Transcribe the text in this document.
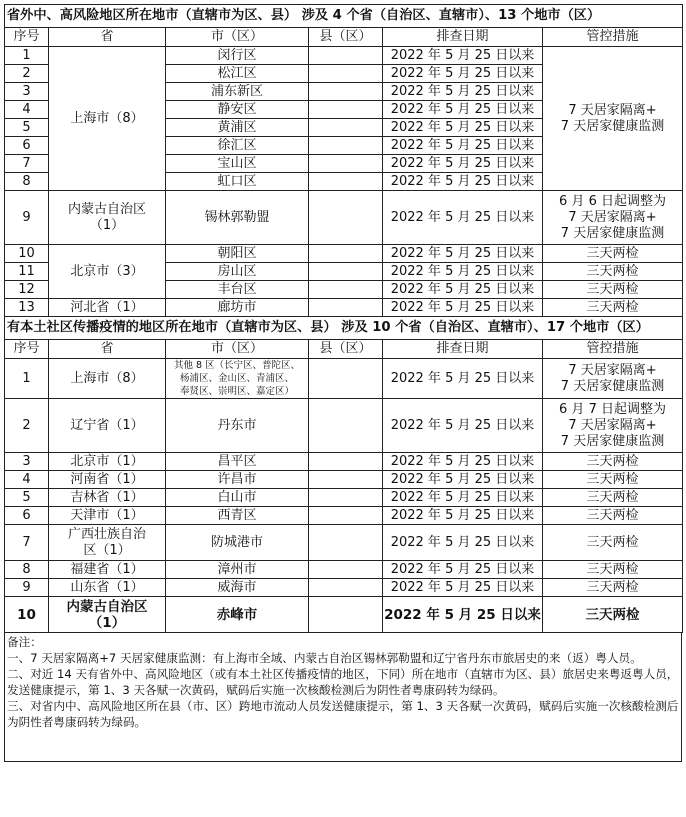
省外中、高风险地区所在地市（直辖市为区、县） 涉及 4 个省（自治区、直辖市）、13 个地市（区）					
序号	省	市（区）	县（区）	排查日期	管控措施
1	上海市（8）	闵行区		2022 年 5 月 25 日以来	7 天居家隔离+
7 天居家健康监测
2		松江区		2022 年 5 月 25 日以来	
3		浦东新区		2022 年 5 月 25 日以来	
4		静安区		2022 年 5 月 25 日以来	
5		黄浦区		2022 年 5 月 25 日以来	
6		徐汇区		2022 年 5 月 25 日以来	
7		宝山区		2022 年 5 月 25 日以来	
8		虹口区		2022 年 5 月 25 日以来	
9	内蒙古自治区
（1）	锡林郭勒盟		2022 年 5 月 25 日以来	6 月 6 日起调整为
7 天居家隔离+
7 天居家健康监测
10	北京市（3）	朝阳区		2022 年 5 月 25 日以来	三天两检
11		房山区		2022 年 5 月 25 日以来	三天两检
12		丰台区		2022 年 5 月 25 日以来	三天两检
13	河北省（1）	廊坊市		2022 年 5 月 25 日以来	三天两检
有本土社区传播疫情的地区所在地市（直辖市为区、县） 涉及 10 个省（自治区、直辖市）、17 个地市（区）					
序号	省	市（区）	县（区）	排查日期	管控措施
1	上海市（8）	其他 8 区（长宁区、普陀区、
杨浦区、金山区、青浦区、
奉贤区、崇明区、嘉定区）		2022 年 5 月 25 日以来	7 天居家隔离+
7 天居家健康监测
2	辽宁省（1）	丹东市		2022 年 5 月 25 日以来	6 月 7 日起调整为
7 天居家隔离+
7 天居家健康监测
3	北京市（1）	昌平区		2022 年 5 月 25 日以来	三天两检
4	河南省（1）	许昌市		2022 年 5 月 25 日以来	三天两检
5	吉林省（1）	白山市		2022 年 5 月 25 日以来	三天两检
6	天津市（1）	西青区		2022 年 5 月 25 日以来	三天两检
7	广西壮族自治
区（1）	防城港市		2022 年 5 月 25 日以来	三天两检
8	福建省（1）	漳州市		2022 年 5 月 25 日以来	三天两检
9	山东省（1）	威海市		2022 年 5 月 25 日以来	三天两检
10	内蒙古自治区
（1）	赤峰市		2022 年 5 月 25 日以来	三天两检
备注：
一、7 天居家隔离+7 天居家健康监测：有上海市全域、内蒙古自治区锡林郭勒盟和辽宁省丹东市旅居史的来（返）粤人员。
二、对近 14 天有省外中、高风险地区（或有本土社区传播疫情的地区，下同）所在地市（直辖市为区、县）旅居史来粤返粤人员，发送健康提示，第 1、3 天各赋一次黄码，赋码后实施一次核酸检测后为阴性者粤康码转为绿码。
三、对省内中、高风险地区所在县（市、区）跨地市流动人员发送健康提示，第 1、3 天各赋一次黄码，赋码后实施一次核酸检测后为阴性者粤康码转为绿码。
